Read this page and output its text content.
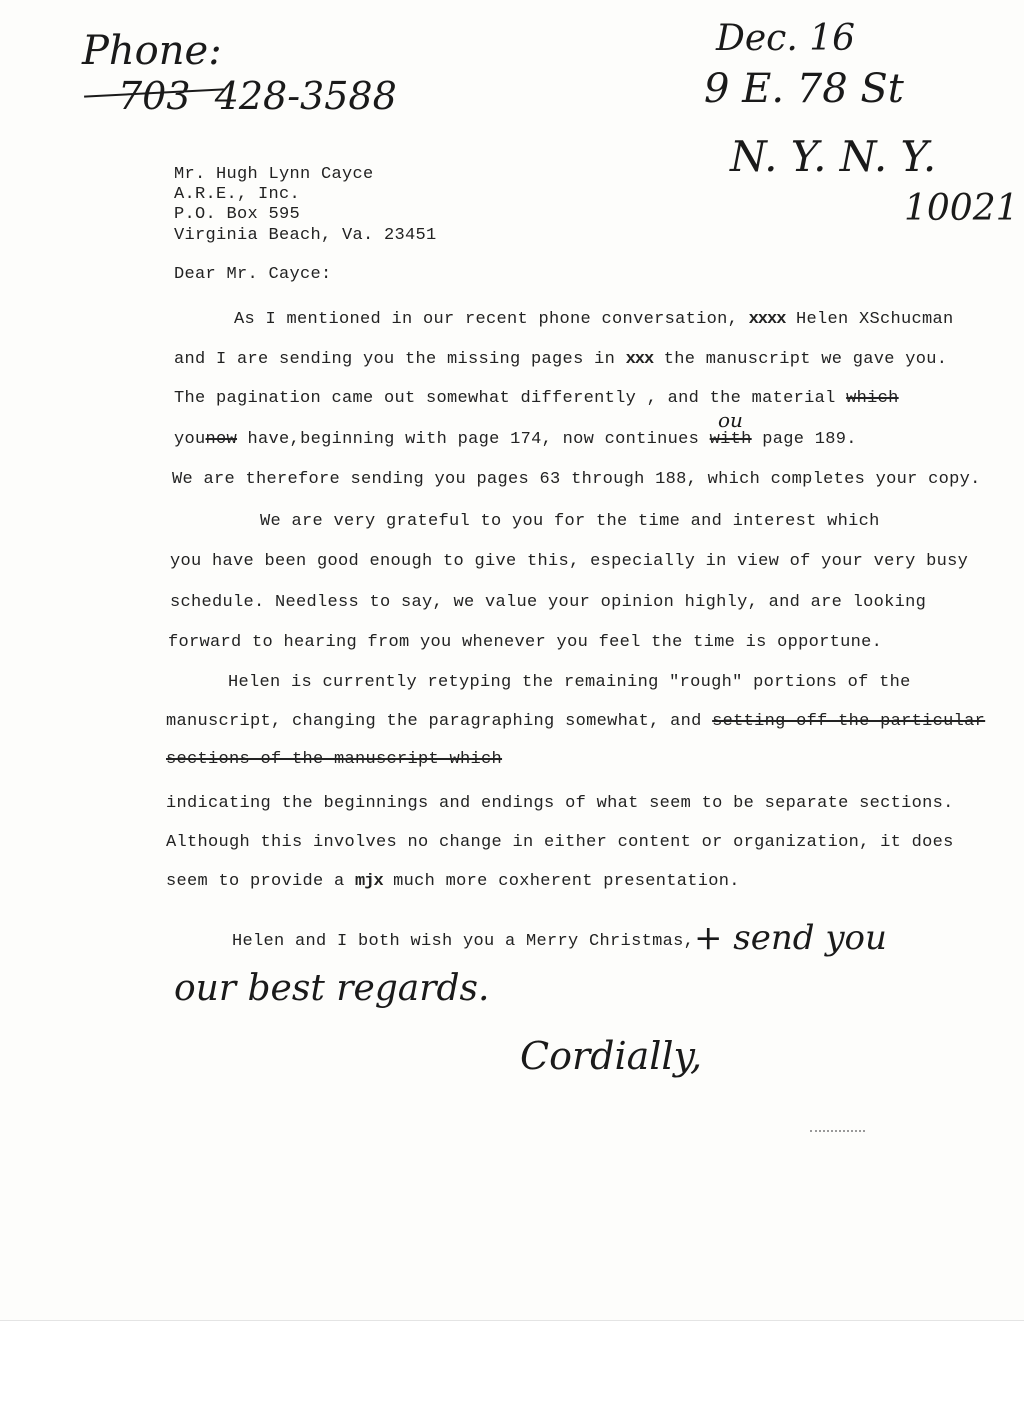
Phone:
703  428-3588
Dec. 16
9 E. 78 St
N. Y. N. Y.
10021
Mr. Hugh Lynn Cayce
A.R.E., Inc.
P.O. Box 595
Virginia Beach, Va. 23451
Dear Mr. Cayce:
As I mentioned in our recent phone conversation, xxxx Helen XSchucman
and I are sending you the missing pages in xxx the manuscript we gave you.
The pagination came out somewhat differently , and the material which
ou
younow have,beginning with page 174, now continues with page 189.
We are therefore sending you pages 63 through 188, which completes your copy.
We are very grateful to you for the time and interest which
you have been good enough to give this, especially in view of your very busy
schedule. Needless to say, we value your opinion highly, and are looking
forward to hearing from you whenever you feel the time is opportune.
Helen is currently retyping the remaining "rough" portions of the
manuscript, changing the paragraphing somewhat, and setting off the particular
sections of the manuscript which
indicating the beginnings and endings of what seem to be separate sections.
Although this involves no change in either content or organization, it does
seem to provide a mjx much more coxherent presentation.
Helen and I both wish you a Merry Christmas, + send you
our best regards.
Cordially,
